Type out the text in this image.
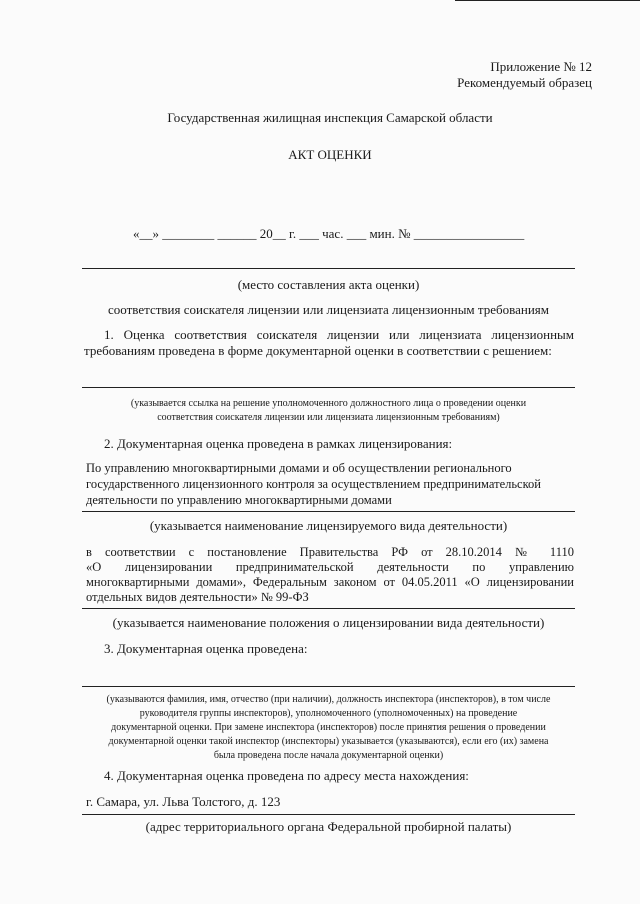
Приложение № 12
Рекомендуемый образец
Государственная жилищная инспекция Самарской области
АКТ ОЦЕНКИ
«__» ________ ______ 20__ г. ___ час. ___ мин. № _________________
(место составления акта оценки)
соответствия соискателя лицензии или лицензиата лицензионным требованиям
1. Оценка соответствия соискателя лицензии или лицензиата лицензионным
требованиям проведена в форме документарной оценки в соответствии с решением:
(указывается ссылка на решение уполномоченного должностного лица о проведении оценки
соответствия соискателя лицензии или лицензиата лицензионным требованиям)
2. Документарная оценка проведена в рамках лицензирования:
По управлению многоквартирными домами и об осуществлении регионального
государственного лицензионного контроля за осуществлением предпринимательской
деятельности по управлению многоквартирными домами
(указывается наименование лицензируемого вида деятельности)
в соответствии с постановление Правительства РФ от 28.10.2014 № 1110
«О лицензировании предпринимательской деятельности по управлению
многоквартирными домами», Федеральным законом от 04.05.2011 «О лицензировании
отдельных видов деятельности» № 99-ФЗ
(указывается наименование положения о лицензировании вида деятельности)
3. Документарная оценка проведена:
(указываются фамилия, имя, отчество (при наличии), должность инспектора (инспекторов), в том числе
руководителя группы инспекторов), уполномоченного (уполномоченных) на проведение
документарной оценки. При замене инспектора (инспекторов) после принятия решения о проведении
документарной оценки такой инспектор (инспекторы) указывается (указываются), если его (их) замена
была проведена после начала документарной оценки)
4. Документарная оценка проведена по адресу места нахождения:
г. Самара, ул. Льва Толстого, д. 123
(адрес территориального органа Федеральной пробирной палаты)
